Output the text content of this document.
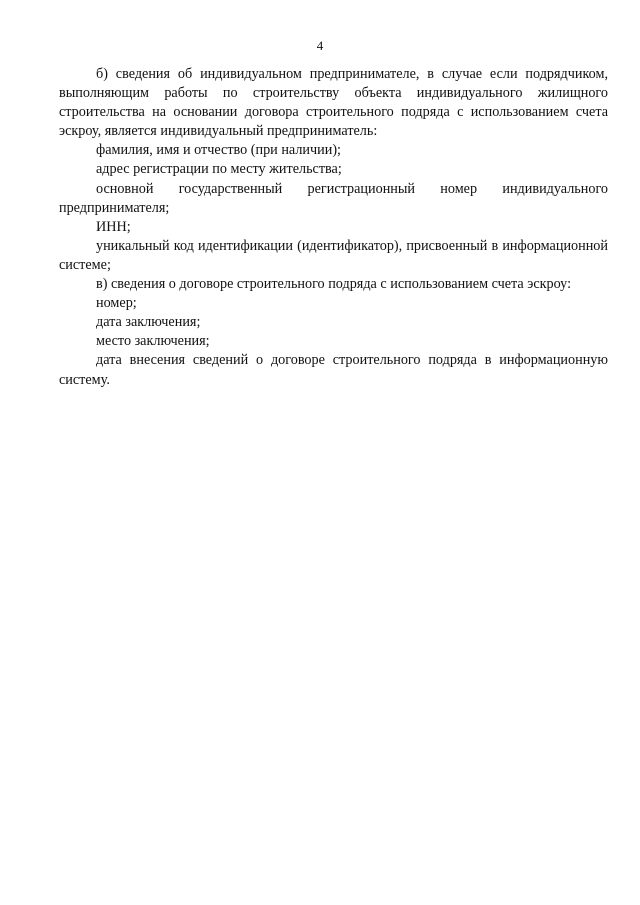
4

б) сведения об индивидуальном предпринимателе, в случае если подрядчиком, выполняющим работы по строительству объекта индивидуального жилищного строительства на основании договора строительного подряда с использованием счета эскроу, является индивидуальный предприниматель:

фамилия, имя и отчество (при наличии);

адрес регистрации по месту жительства;

основной государственный регистрационный номер индивидуального предпринимателя;

ИНН;

уникальный код идентификации (идентификатор), присвоенный в информационной системе;

в) сведения о договоре строительного подряда с использованием счета эскроу:

номер;

дата заключения;

место заключения;

дата внесения сведений о договоре строительного подряда в информационную систему.
